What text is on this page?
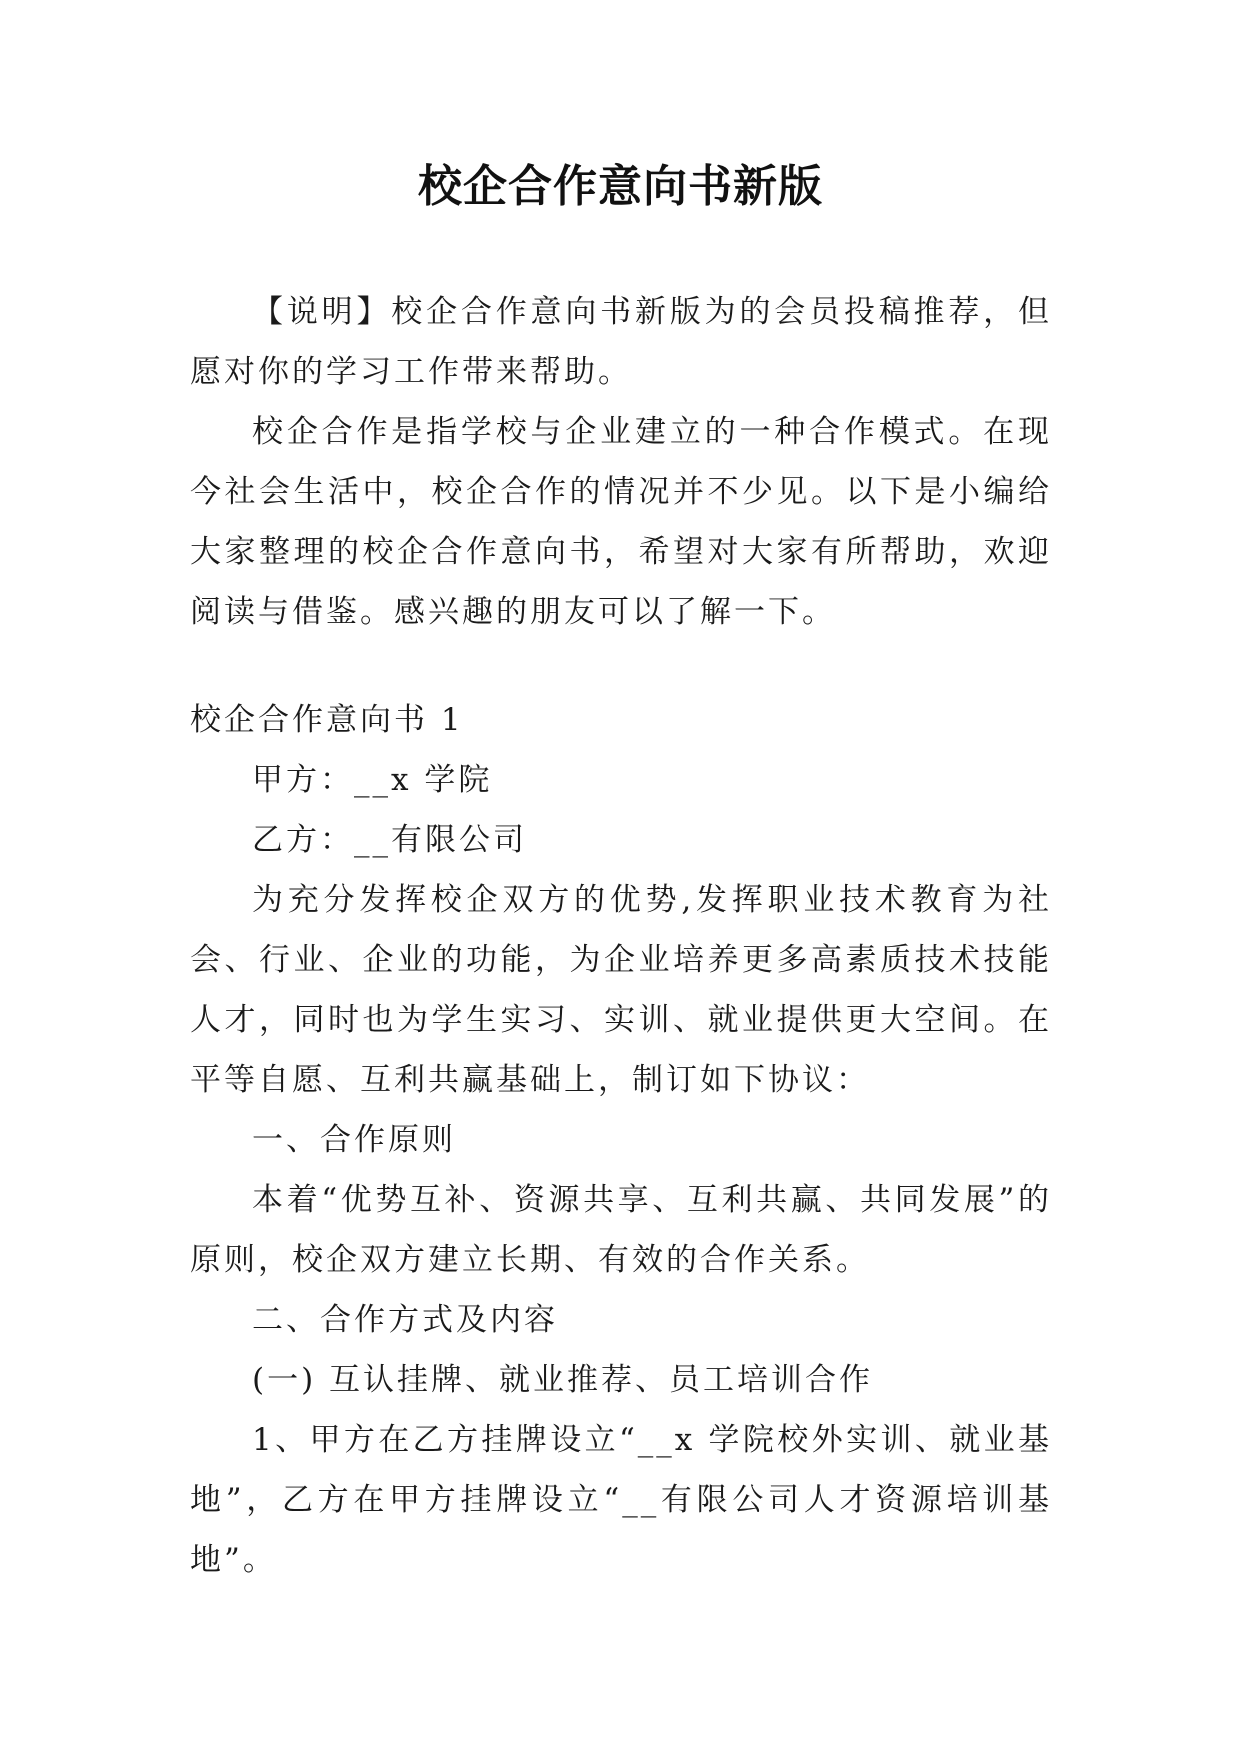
校企合作意向书新版

【说明】校企合作意向书新版为的会员投稿推荐，但愿对你的学习工作带来帮助。

校企合作是指学校与企业建立的一种合作模式。在现今社会生活中，校企合作的情况并不少见。以下是小编给大家整理的校企合作意向书，希望对大家有所帮助，欢迎阅读与借鉴。感兴趣的朋友可以了解一下。

校企合作意向书 1

甲方：__x 学院

乙方：__有限公司

为充分发挥校企双方的优势,发挥职业技术教育为社会、行业、企业的功能，为企业培养更多高素质技术技能人才，同时也为学生实习、实训、就业提供更大空间。在平等自愿、互利共赢基础上，制订如下协议：

一、合作原则

本着“优势互补、资源共享、互利共赢、共同发展”的原则，校企双方建立长期、有效的合作关系。

二、合作方式及内容

(一) 互认挂牌、就业推荐、员工培训合作

1、甲方在乙方挂牌设立“__x 学院校外实训、就业基地”，乙方在甲方挂牌设立“__有限公司人才资源培训基地”。
